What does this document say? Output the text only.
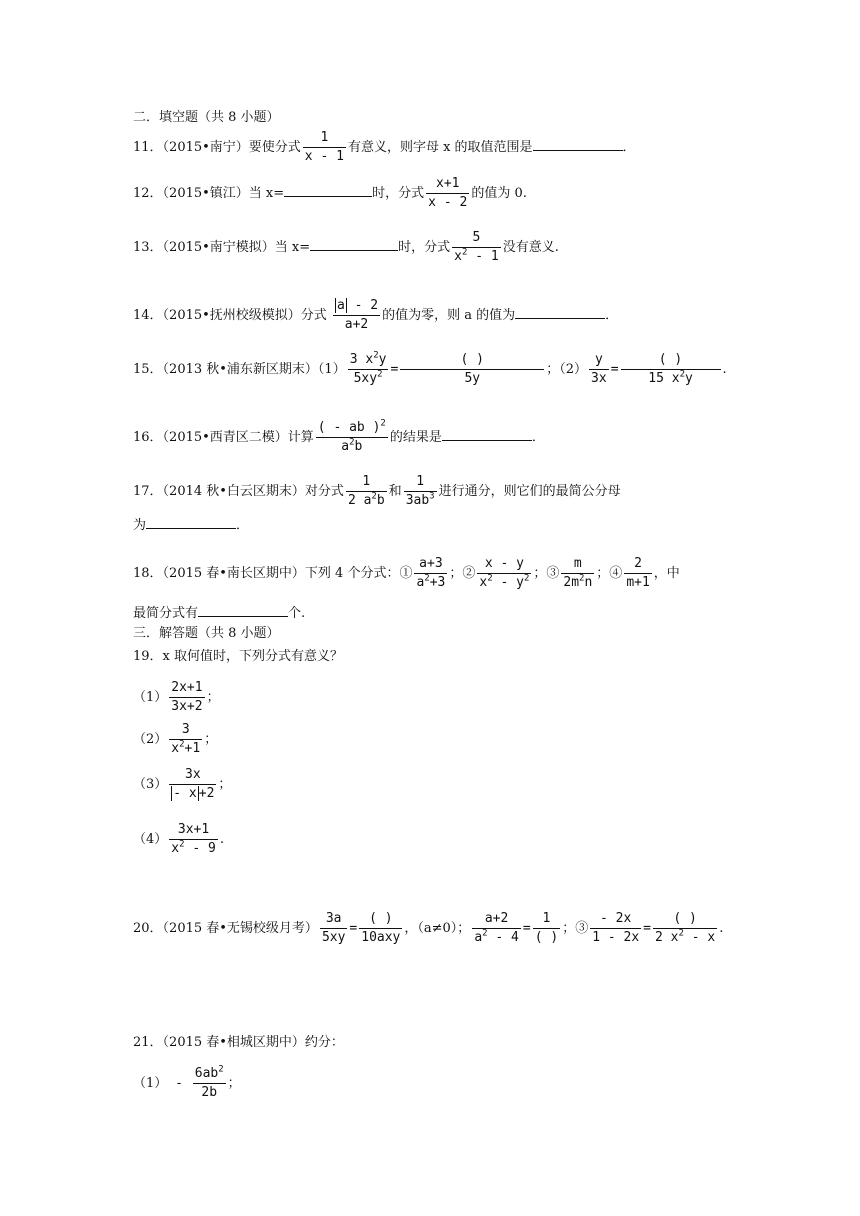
二．填空题（共 8 小题）
11．（2015•南宁）要使分式 $\frac{1}{x - 1}$ 有意义，则字母 x 的取值范围是	．
12．（2015•镇江）当 x=	时，分式 $\frac{x+1}{x - 2}$ 的值为 0.
13．（2015•南宁模拟）当 x=	时，分式 $\frac{5}{x^2 - 1}$ 没有意义.
14．（2015•抚州校级模拟）分式 $\frac{a - 2}{a+2}$ 的值为零，则 a 的值为	．
15．（2013 秋•浦东新区期末）$(1) \frac{3 x^2y}{5xy^2} = \frac{( )}{5y}$ ；$(2) \frac{y}{3x} = \frac{( )}{15 x^2y}$ .
16．（2015•西青区二模）计算 $\frac{( - ab )^2}{a^2b}$ 的结果是	．
17．（2014 秋•白云区期末）对分式 $\frac{1}{2 a^2b}$ 和 $\frac{1}{3ab^3}$ 进行通分，则它们的最简公分母
为	．
18．（2015 春•南长区期中）下列 4 个分式：① $\frac{a+3}{a^2+3}$ ；② $\frac{x - y}{x^2 - y^2}$ ；③ $\frac{m}{2m^2n}$ ；④ $\frac{2}{m+1}$ ，中
最简分式有	个.
三．解答题（共 8 小题）
19．x 取何值时，下列分式有意义？
$(1) \frac{2x+1}{3x+2}$ ；
$(2) \frac{3}{x^2+1}$ ；
$(3) \frac{3x}{- x +2}$ ；
$(4) \frac{3x+1}{x^2 - 9}$ .
20．（2015 春•无锡校级月考） $\frac{3a}{5xy} = \frac{( )}{\text{10axy}}$ ，（a≠0）； $\frac{a+2}{a^2 - 4} = \frac{1}{( )}$ ；③ $\frac{- 2x}{1 - 2x} = \frac{( )}{2 x^2 - x}$ .
21．（2015 春•相城区期中）约分：
$(1) - \frac{6ab^2}{2b}$ ；
